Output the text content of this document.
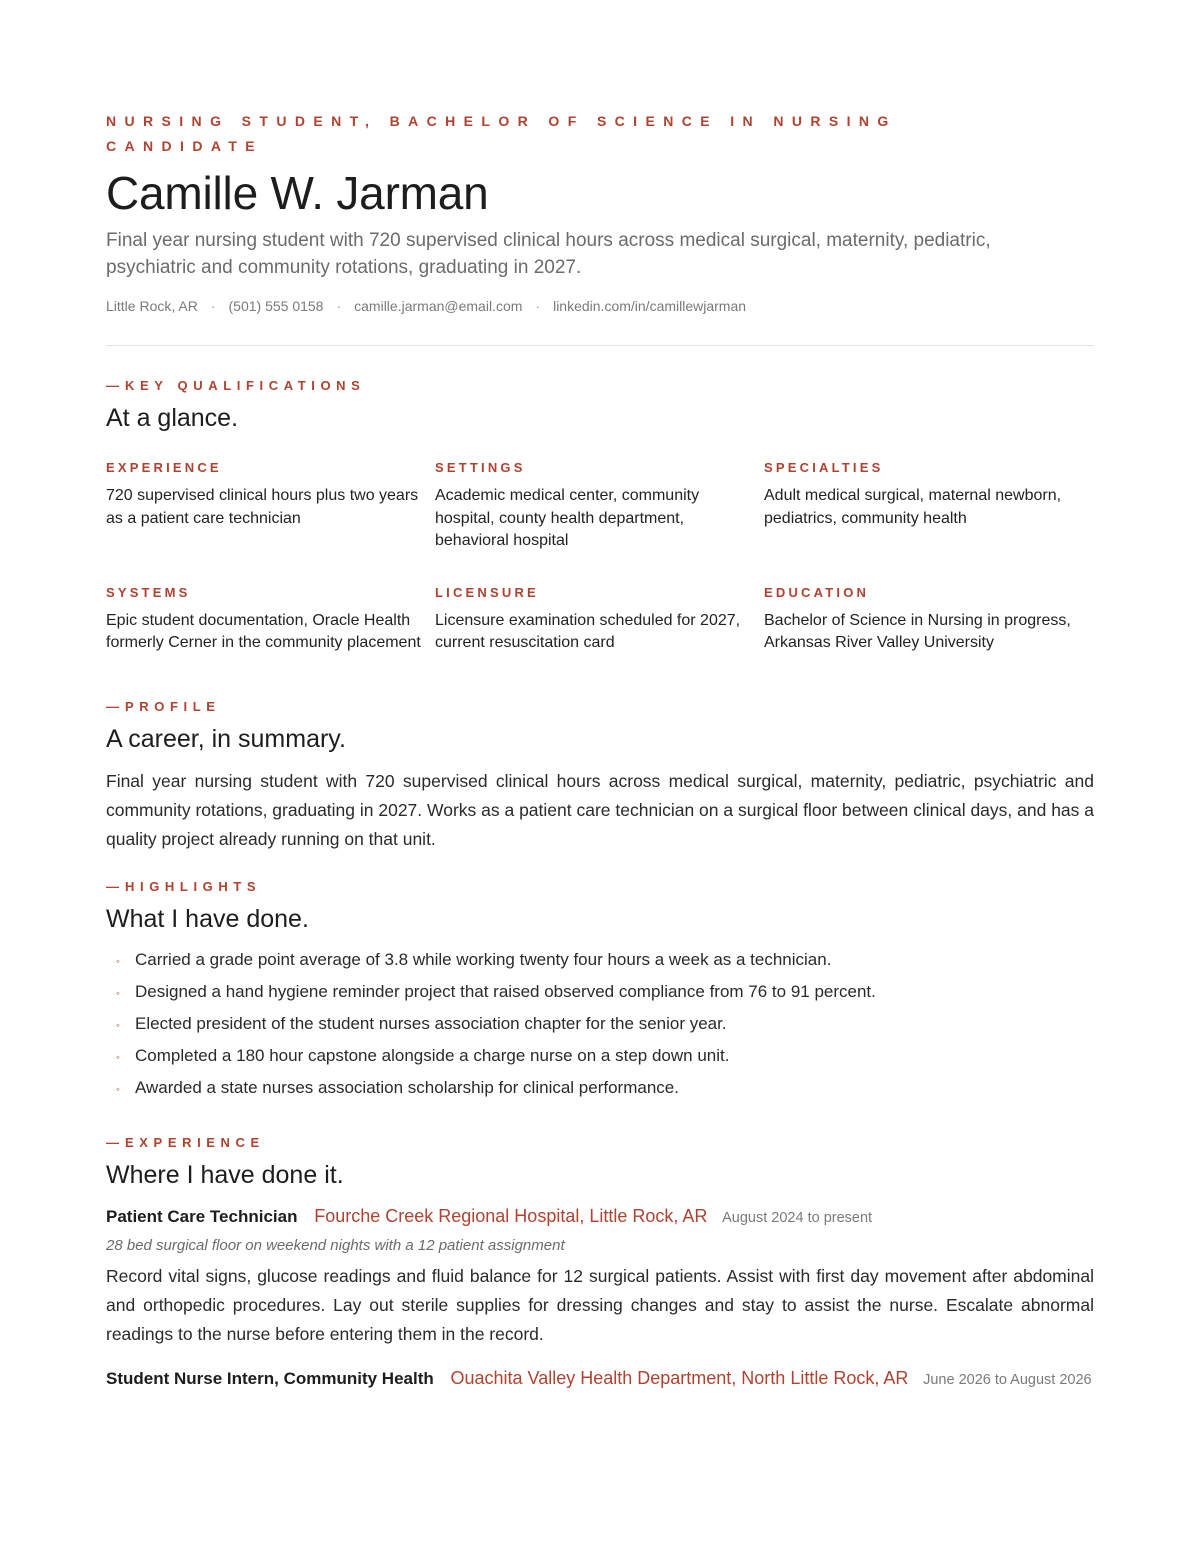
NURSING STUDENT, BACHELOR OF SCIENCE IN NURSING CANDIDATE
Camille W. Jarman
Final year nursing student with 720 supervised clinical hours across medical surgical, maternity, pediatric, psychiatric and community rotations, graduating in 2027.
Little Rock, AR · (501) 555 0158 · camille.jarman@email.com · linkedin.com/in/camillewjarman
— KEY QUALIFICATIONS
At a glance.
EXPERIENCE
720 supervised clinical hours plus two years as a patient care technician
SETTINGS
Academic medical center, community hospital, county health department, behavioral hospital
SPECIALTIES
Adult medical surgical, maternal newborn, pediatrics, community health
SYSTEMS
Epic student documentation, Oracle Health formerly Cerner in the community placement
LICENSURE
Licensure examination scheduled for 2027, current resuscitation card
EDUCATION
Bachelor of Science in Nursing in progress, Arkansas River Valley University
— PROFILE
A career, in summary.

Final year nursing student with 720 supervised clinical hours across medical surgical, maternity, pediatric, psychiatric and community rotations, graduating in 2027. Works as a patient care technician on a surgical floor between clinical days, and has a quality project already running on that unit.

— HIGHLIGHTS
What I have done.
◦ Carried a grade point average of 3.8 while working twenty four hours a week as a technician.
◦ Designed a hand hygiene reminder project that raised observed compliance from 76 to 91 percent.
◦ Elected president of the student nurses association chapter for the senior year.
◦ Completed a 180 hour capstone alongside a charge nurse on a step down unit.
◦ Awarded a state nurses association scholarship for clinical performance.
— EXPERIENCE
Where I have done it.
Patient Care Technician Fourche Creek Regional Hospital, Little Rock, AR August 2024 to present
28 bed surgical floor on weekend nights with a 12 patient assignment

Record vital signs, glucose readings and fluid balance for 12 surgical patients. Assist with first day movement after abdominal and orthopedic procedures. Lay out sterile supplies for dressing changes and stay to assist the nurse. Escalate abnormal readings to the nurse before entering them in the record.

Student Nurse Intern, Community Health Ouachita Valley Health Department, North Little Rock, AR June 2026 to August 2026
